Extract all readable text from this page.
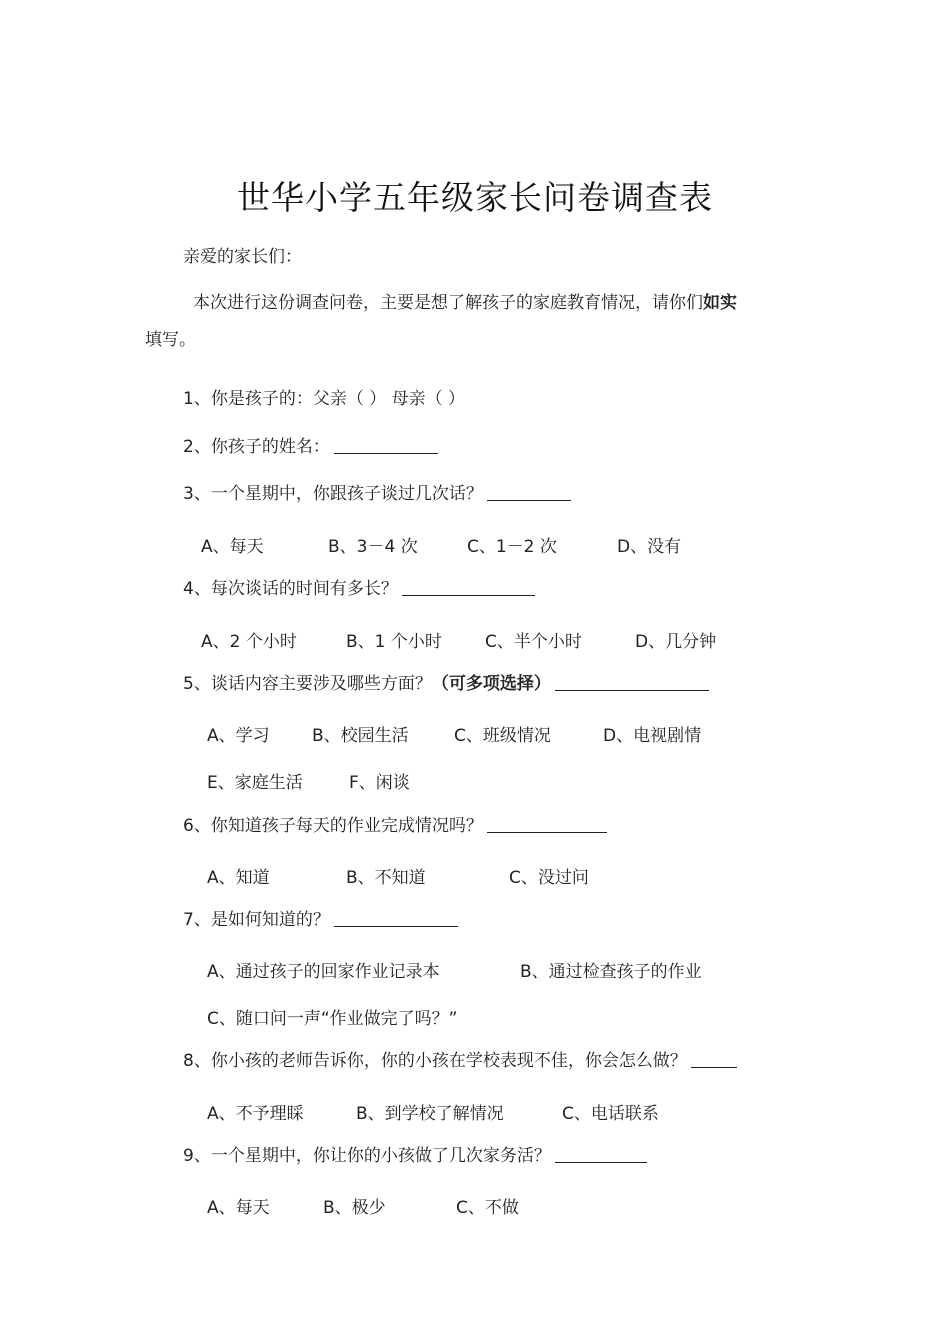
世华小学五年级家长问卷调查表
亲爱的家长们：
本次进行这份调查问卷，主要是想了解孩子的家庭教育情况，请你们如实
填写。
1、你是孩子的：父亲（ ） 母亲（ ）
2、你孩子的姓名：
3、一个星期中，你跟孩子谈过几次话？
A、每天	B、3－4 次	C、1－2 次	D、没有
4、每次谈话的时间有多长？
A、2 个小时	B、1 个小时	C、半个小时	D、几分钟
5、谈话内容主要涉及哪些方面？（可多项选择）
A、学习 B、校园生活	C、班级情况	D、电视剧情
E、家庭生活	F、闲谈
6、你知道孩子每天的作业完成情况吗？
A、知道	B、不知道	C、没过问
7、是如何知道的？
A、通过孩子的回家作业记录本	B、通过检查孩子的作业
C、随口问一声“作业做完了吗？”
8、你小孩的老师告诉你，你的小孩在学校表现不佳，你会怎么做？
A、不予理睬	B、到学校了解情况	C、电话联系
9、一个星期中，你让你的小孩做了几次家务活？
A、每天	B、极少	C、不做
